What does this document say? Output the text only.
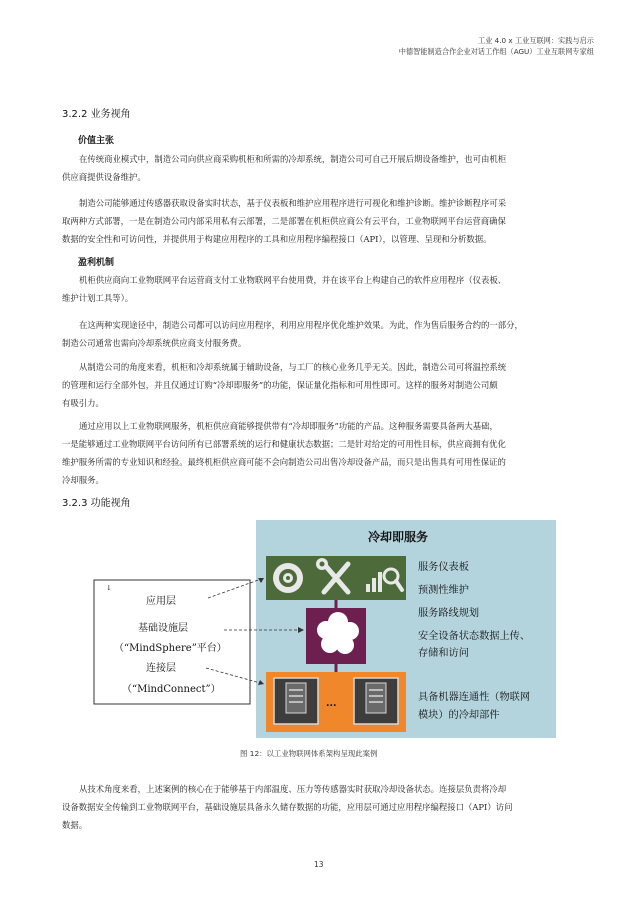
工业 4.0 x 工业互联网：实践与启示
中德智能制造合作企业对话工作组（AGU）工业互联网专家组
3.2.2 业务视角
价值主张
在传统商业模式中，制造公司向供应商采购机柜和所需的冷却系统，制造公司可自己开展后期设备维护，也可由机柜
供应商提供设备维护。
制造公司能够通过传感器获取设备实时状态，基于仪表板和维护应用程序进行可视化和维护诊断。维护诊断程序可采
取两种方式部署，一是在制造公司内部采用私有云部署，二是部署在机柜供应商公有云平台，工业物联网平台运营商确保
数据的安全性和可访问性，并提供用于构建应用程序的工具和应用程序编程接口（API），以管理、呈现和分析数据。
盈利机制
机柜供应商向工业物联网平台运营商支付工业物联网平台使用费，并在该平台上构建自己的软件应用程序（仪表板、
维护计划工具等）。
在这两种实现途径中，制造公司都可以访问应用程序，利用应用程序优化维护效果。为此，作为售后服务合约的一部分，
制造公司通常也需向冷却系统供应商支付服务费。
从制造公司的角度来看，机柜和冷却系统属于辅助设备，与工厂的核心业务几乎无关。因此，制造公司可将温控系统
的管理和运行全部外包，并且仅通过订购“冷却即服务”的功能，保证量化指标和可用性即可。这样的服务对制造公司颇
有吸引力。
通过应用以上工业物联网服务，机柜供应商能够提供带有“冷却即服务”功能的产品。这种服务需要具备两大基础，
一是能够通过工业物联网平台访问所有已部署系统的运行和健康状态数据；二是针对给定的可用性目标，供应商拥有优化
维护服务所需的专业知识和经验。最终机柜供应商可能不会向制造公司出售冷却设备产品，而只是出售具有可用性保证的
冷却服务。
3.2.3 功能视角
冷却即服务
服务仪表板
预测性维护
服务路线规划
安全设备状态数据上传、
存储和访问
具备机器连通性（物联网
模块）的冷却部件
...
↓
应用层
基础设施层
（“MindSphere”平台）
连接层
（“MindConnect”）
图 12：以工业物联网体系架构呈现此案例
从技术角度来看，上述案例的核心在于能够基于内部温度、压力等传感器实时获取冷却设备状态。连接层负责将冷却
设备数据安全传输到工业物联网平台，基础设施层具备永久储存数据的功能，应用层可通过应用程序编程接口（API）访问
数据。
13
